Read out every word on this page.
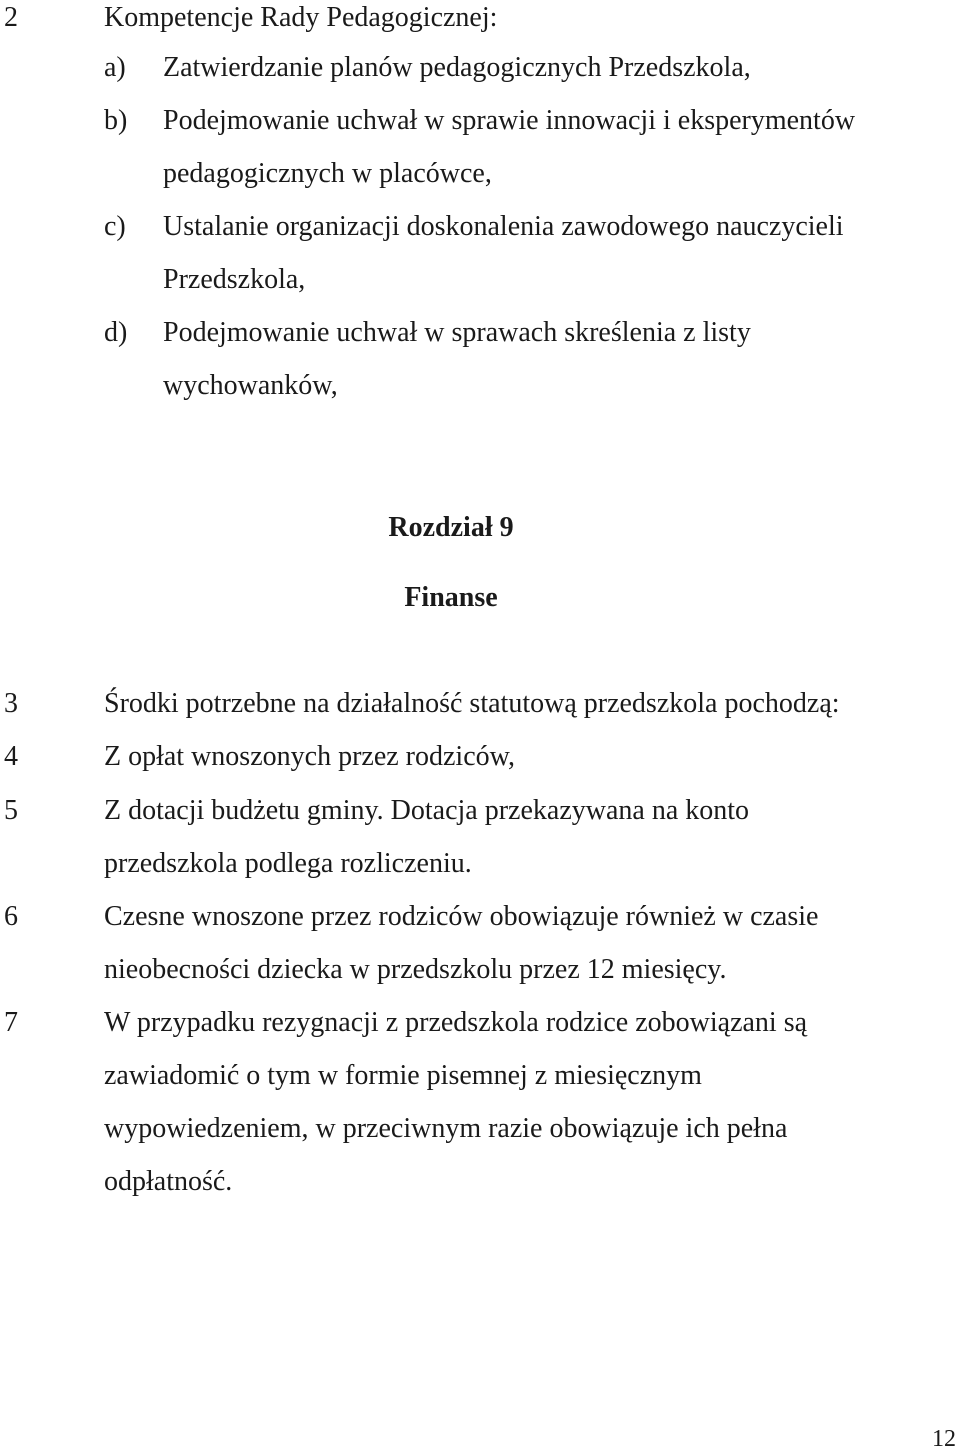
2	Kompetencje Rady Pedagogicznej:
a) Zatwierdzanie planów pedagogicznych Przedszkola,
b) Podejmowanie uchwał w sprawie innowacji i eksperymentów
pedagogicznych w placówce,
c) Ustalanie organizacji doskonalenia zawodowego nauczycieli
Przedszkola,
d) Podejmowanie uchwał w sprawach skreślenia z listy
wychowanków,
Rozdział 9
Finanse
3	Środki potrzebne na działalność statutową przedszkola pochodzą:
4	Z opłat wnoszonych przez rodziców,
5	Z dotacji budżetu gminy. Dotacja przekazywana na konto
przedszkola podlega rozliczeniu.
6	Czesne wnoszone przez rodziców obowiązuje również w czasie
nieobecności dziecka w przedszkolu przez 12 miesięcy.
7	W przypadku rezygnacji z przedszkola rodzice zobowiązani są
zawiadomić o tym w formie pisemnej z miesięcznym
wypowiedzeniem, w przeciwnym razie obowiązuje ich pełna
odpłatność.
12
